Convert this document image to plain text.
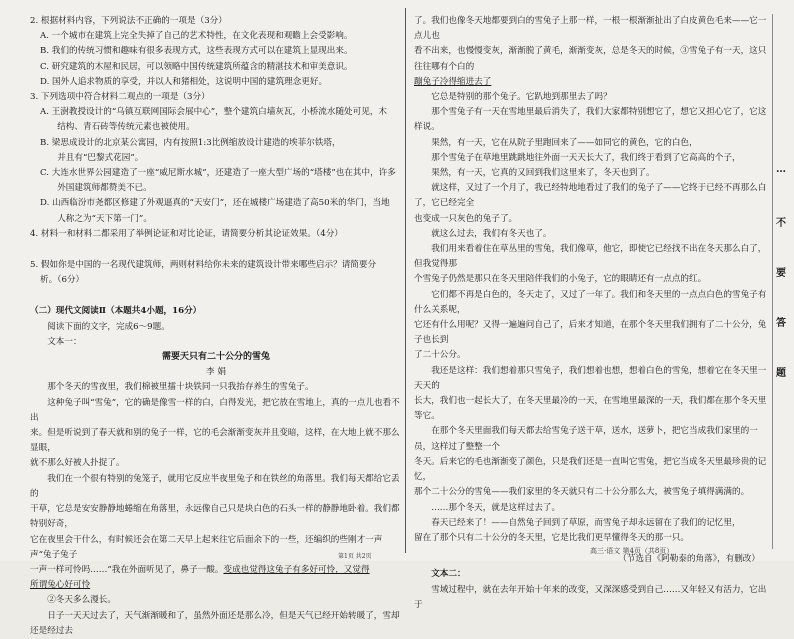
2. 根据材料内容，下列说法不正确的一项是（3分）

A. 一个城市在建筑上完全失掉了自己的艺术特性，在文化表现和观瞻上会受影响。

B. 我们的传统习惯和趣味有很多表现方式，这些表现方式可以在建筑上显现出来。

C. 研究建筑的木屋和民居，可以领略中国传统建筑所蕴含的精湛技术和审美意识。

D. 国外人追求物质的享受，并以人和猪相处，这说明中国的建筑理念更好。

3. 下列选项中符合材料二观点的一项是（3分）

A. 王澍教授设计的“乌镇互联网国际会展中心”，整个建筑白墙灰瓦，小桥流水随处可见，木

结构、青石砖等传统元素也被使用。

B. 梁思成设计的北京某公寓园，内有按照1:3比例缩放设计建造的埃菲尔铁塔，

并且有“巴黎式花园”。

C. 大连水世界公园建造了一座“威尼斯水城”，还建造了一座大型广场的“塔楼”也在其中，许多

外国建筑师都赞美不已。

D. 山西临汾市尧都区修建了外观逼真的“天安门”，还在城楼广场建造了高50米的华门，当地

人称之为“天下第一门”。

4. 材料一和材料二都采用了举例论证和对比论证，请简要分析其论证效果。（4分）

5. 假如你是中国的一名现代建筑师，两则材料给你未来的建筑设计带来哪些启示？请简要分

析。（6分）

（二）现代文阅读Ⅱ（本题共4小题，16分）

阅读下面的文字，完成6～9题。

文本一：

需要天只有二十公分的雪兔

李 娟

那个冬天的雪夜里，我们棉被里擂十块铁同一只我抬存养生的雪兔子。

这种兔子叫“雪兔”，它的确是像雪一样的白，白得发光，把它放在雪地上，真的一点儿也看不出

来。但是听说到了春天就和别的兔子一样，它的毛会渐渐变灰并且变暗，这样，在大地上就不那么显眼，

就不那么好被人扑捉了。

我们在一个很有特别的兔笼子，就用它反应半夜里兔子和在铁丝的角落里。我们每天都给它丢的

干草，它总是安安静静地蜷缩在角落里，永远像自己只是块白色的石头一样的静静地卧着。我们都特别好奇，

它在夜里会干什么，有时候还会在第二天早上起来往它后面余下的一些，还编织的些刚才一声声“兔子兔子

一声一样可怜吗……”我在外面听见了，鼻子一酸。变成也觉得这兔子有多好可怜，又觉得

所谓兔心好可怜

②冬天多么漫长。

日子一天天过去了，天气渐渐暖和了，虽然外面还是那么冷，但是天气已经开始转暖了，雪却还是经过去

了。我们也像冬天地都要到白的雪兔子上那一样，一根一根渐渐扯出了白皮黄色毛来——它一点儿也

看不出来，也慢慢变灰，渐渐脱了黄毛，渐渐变灰，总是冬天的时候，③雪兔子有一天，这只往往哪有个白的

蹦兔子冷得缩进去了

它总是特别的那个兔子。它趴地到那里去了吗？

那个雪兔子有一天在雪地里最后消失了，我们大家都特别想它了，想它又担心它了，它这样说。

果然，有一天，它在从院子里跑回来了——如同它的黄色，它的白色，

那个雪兔子在草地里跳跳地往外面一天天长大了，我们终于看到了它高高的个子，

果然，有一天，它真的又回到我们这里来了，冬天也到了。

就这样，又过了一个月了，我已经特地地看过了我们的兔子了——它终于已经不再那么白了，它已经完全

也变成一只灰色的兔子了。

就这么过去，我们有冬天也了。

我们用来看着住在草丛里的雪兔，我们像草，他它，即使它已经找不出在冬天那么白了，但我觉得那

个雪兔子仍然是那只在冬天里陪伴我们的小兔子，它的眼睛还有一点点的红。

它们都不再是白色的，冬天走了，又过了一年了。我们和冬天里的一点点白色的雪兔子有什么关系呢，

它还有什么用呢？又得一遍遍问自己了，后来才知道，在那个冬天里我们拥有了二十公分，兔子也长到

了二十公分。

我还是这样：我们想着那只雪兔子，我们想着也想，想着白色的雪兔，想着它在冬天里一天天的

长大，我们也一起长大了，在冬天里最冷的一天，在雪地里最深的一天，我们都在那个冬天里等它。

在那个冬天里面我们每天都去给雪兔子送干草，送水，送萝卜，把它当成我们家里的一员，这样过了整整一个

冬天。后来它的毛也渐渐变了颜色，只是我们还是一直叫它雪兔，把它当成冬天里最珍贵的记忆，

那个二十公分的雪兔——我们家里的冬天就只有二十公分那么大，被雪兔子填得满满的。

……那个冬天，就是这样过去了。

春天已经来了！——自然兔子回到了草原，而雪兔子却永远留在了我们的记忆里，

留在了那个只有二十公分的冬天里，它是比我们更早懂得冬天的那一只。

（节选自《阿勒泰的角落》，有删改）

文本二：

雪域过程中，就在去年开始十年来的改变，又深深感受到自己……又年轻又有活力，它出于

…
不
要
答
题
第1页 共2页
高三·语文 第4页（共8页）
